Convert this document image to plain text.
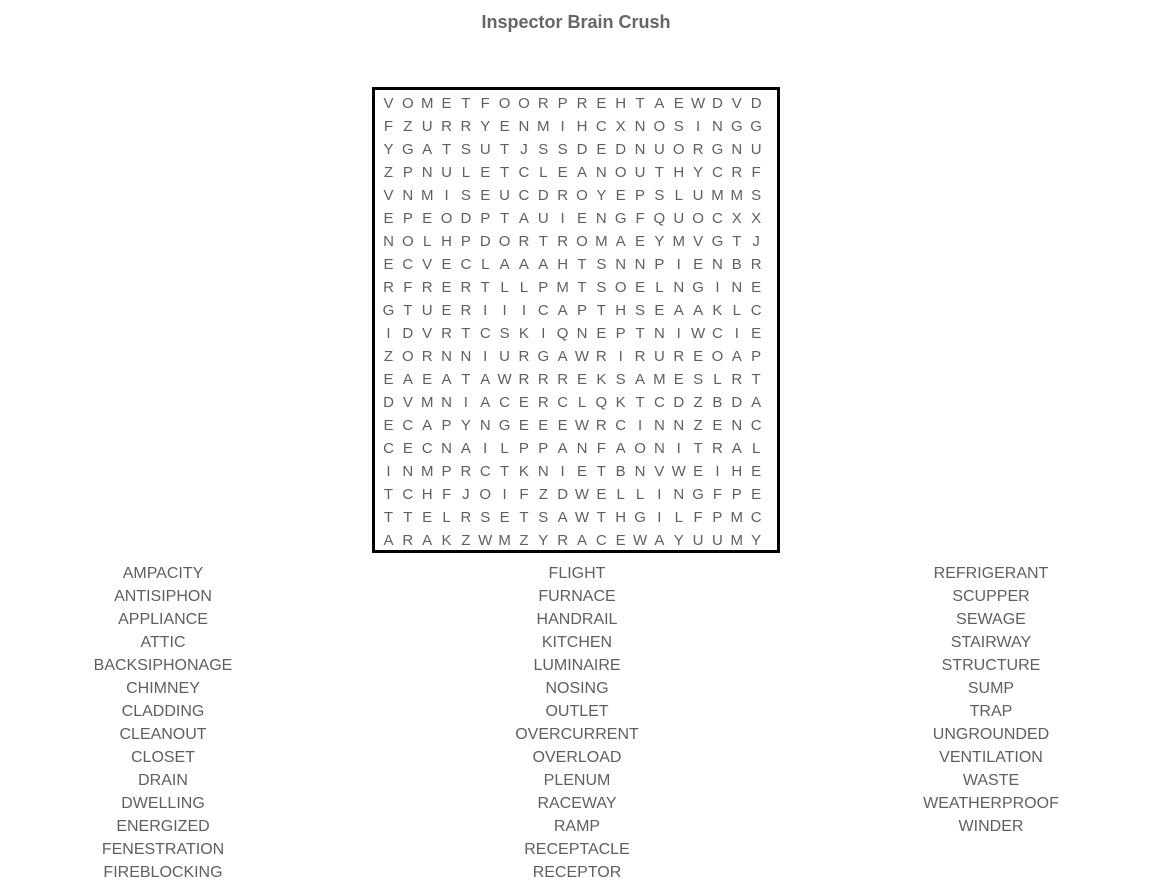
Inspector Brain Crush
V O M E T F O O R P R E H T A E W D V D
F Z U R R Y E N M I H C X N O S I N G G
Y G A T S U T J S S D E D N U O R G N U
Z P N U L E T C L E A N O U T H Y C R F
V N M I S E U C D R O Y E P S L U M M S
E P E O D P T A U I E N G F Q U O C X X
N O L H P D O R T R O M A E Y M V G T J
E C V E C L A A A H T S N N P I E N B R
R F R E R T L L P M T S O E L N G I N E
G T U E R I	I	I C A P T H S E A A K L C
I D V R T C S K I Q N E P T N I W C I E
Z O R N N I U R G A W R I R U R E O A P
E A E A T A W R R R E K S A M E S L R T
D V M N I A C E R C L Q K T C D Z B D A
E C A P Y N G E E E W R C I N N Z E N C
C E C N A I L P P A N F A O N I T R A L
I N M P R C T K N I E T B N V W E I H E
T C H F J O I F Z D W E L L I N G F P E
T T E L R S E T S A W T H G I L F P M C
A R A K Z W M Z Y R A C E W A Y U U M Y
AMPACITY
ANTISIPHON
APPLIANCE
ATTIC
BACKSIPHONAGE
CHIMNEY
CLADDING
CLEANOUT
CLOSET
DRAIN
DWELLING
ENERGIZED
FENESTRATION
FIREBLOCKING
FLIGHT
FURNACE
HANDRAIL
KITCHEN
LUMINAIRE
NOSING
OUTLET
OVERCURRENT
OVERLOAD
PLENUM
RACEWAY
RAMP
RECEPTACLE
RECEPTOR
REFRIGERANT
SCUPPER
SEWAGE
STAIRWAY
STRUCTURE
SUMP
TRAP
UNGROUNDED
VENTILATION
WASTE
WEATHERPROOF
WINDER
